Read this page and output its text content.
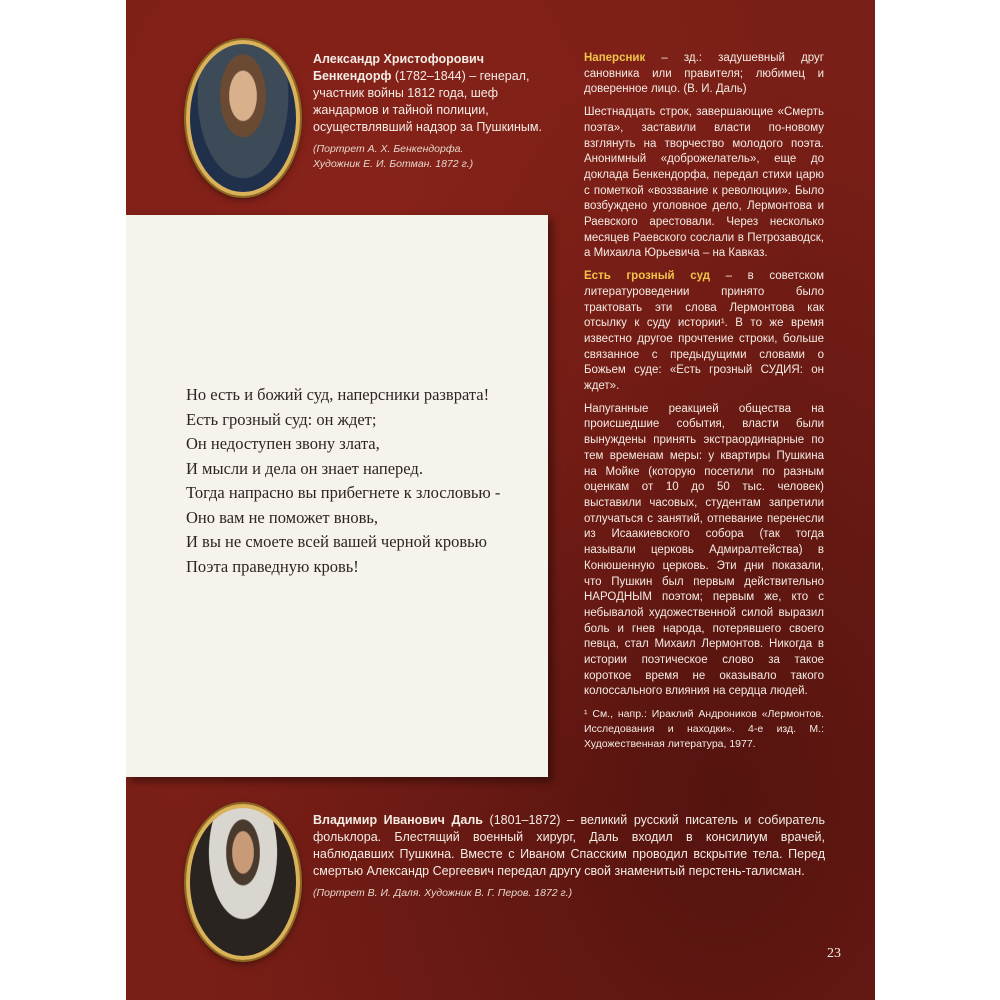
Александр Христофорович Бенкендорф (1782–1844) – генерал, участник войны 1812 года, шеф жандармов и тайной полиции, осуществлявший надзор за Пушкиным.
(Портрет А. Х. Бенкендорфа.
Художник Е. И. Ботман. 1872 г.)
Но есть и божий суд, наперсники разврата!
Есть грозный суд: он ждет;
Он недоступен звону злата,
И мысли и дела он знает наперед.
Тогда напрасно вы прибегнете к злословью -
Оно вам не поможет вновь,
И вы не смоете всей вашей черной кровью
Поэта праведную кровь!

Наперсник – зд.: задушевный друг сановника или правителя; любимец и доверенное лицо. (В. И. Даль)

Шестнадцать строк, завершающие «Смерть поэта», заставили власти по-новому взглянуть на творчество молодого поэта. Анонимный «доброжелатель», еще до доклада Бенкендорфа, передал стихи царю с пометкой «воззвание к революции». Было возбуждено уголовное дело, Лермонтова и Раевского арестовали. Через несколько месяцев Раевского сослали в Петрозаводск, а Михаила Юрьевича – на Кавказ.

Есть грозный суд – в советском литературоведении принято было трактовать эти слова Лермонтова как отсылку к суду истории¹. В то же время известно другое прочтение строки, больше связанное с предыдущими словами о Божьем суде: «Есть грозный СУДИЯ: он ждет».

Напуганные реакцией общества на происшедшие события, власти были вынуждены принять экстраординарные по тем временам меры: у квартиры Пушкина на Мойке (которую посетили по разным оценкам от 10 до 50 тыс. человек) выставили часовых, студентам запретили отлучаться с занятий, отпевание перенесли из Исаакиевского собора (так тогда называли церковь Адмиралтейства) в Конюшенную церковь. Эти дни показали, что Пушкин был первым действительно НАРОДНЫМ поэтом; первым же, кто с небывалой художественной силой выразил боль и гнев народа, потерявшего своего певца, стал Михаил Лермонтов. Никогда в истории поэтическое слово за такое короткое время не оказывало такого колоссального влияния на сердца людей.

¹ См., напр.: Ираклий Андроников «Лермонтов. Исследования и находки». 4-е изд. М.: Художественная литература, 1977.

Владимир Иванович Даль (1801–1872) – великий русский писатель и собиратель фольклора. Блестящий военный хирург, Даль входил в консилиум врачей, наблюдавших Пушкина. Вместе с Иваном Спасским проводил вскрытие тела. Перед смертью Александр Сергеевич передал другу свой знаменитый перстень-талисман.
(Портрет В. И. Даля. Художник В. Г. Перов. 1872 г.)
23
